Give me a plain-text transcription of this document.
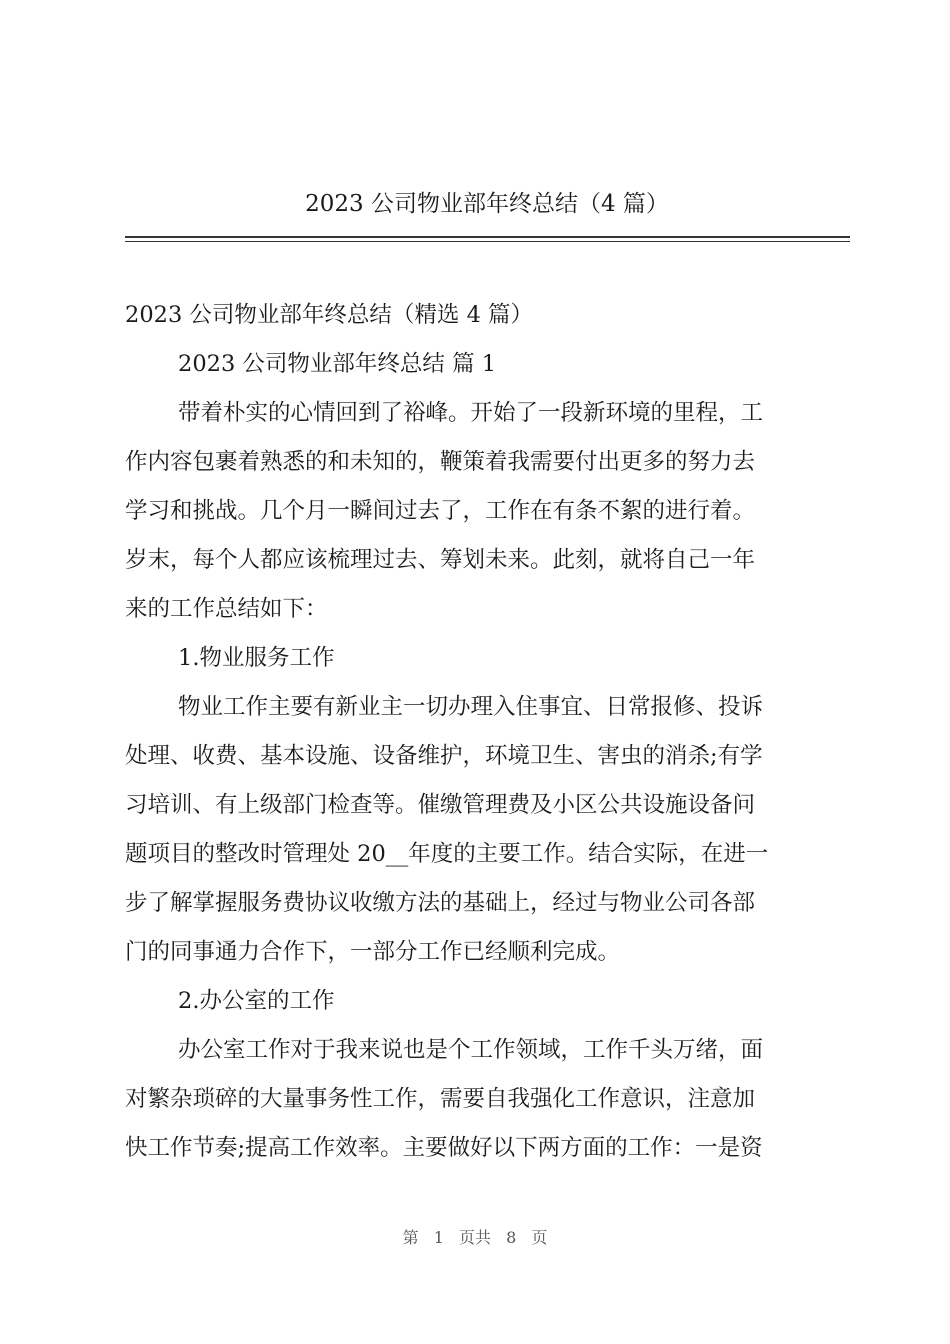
2023 公司物业部年终总结（4 篇）
2023 公司物业部年终总结（精选 4 篇）
2023 公司物业部年终总结 篇 1
带着朴实的心情回到了裕峰。开始了一段新环境的里程，工
作内容包裹着熟悉的和未知的，鞭策着我需要付出更多的努力去
学习和挑战。几个月一瞬间过去了，工作在有条不絮的进行着。
岁末，每个人都应该梳理过去、筹划未来。此刻，就将自己一年
来的工作总结如下：
1.物业服务工作
物业工作主要有新业主一切办理入住事宜、日常报修、投诉
处理、收费、基本设施、设备维护，环境卫生、害虫的消杀;有学
习培训、有上级部门检查等。催缴管理费及小区公共设施设备问
题项目的整改时管理处 20__年度的主要工作。结合实际，在进一
步了解掌握服务费协议收缴方法的基础上，经过与物业公司各部
门的同事通力合作下，一部分工作已经顺利完成。
2.办公室的工作
办公室工作对于我来说也是个工作领域，工作千头万绪，面
对繁杂琐碎的大量事务性工作，需要自我强化工作意识，注意加
快工作节奏;提高工作效率。主要做好以下两方面的工作：一是资
第 1 页共 8 页
